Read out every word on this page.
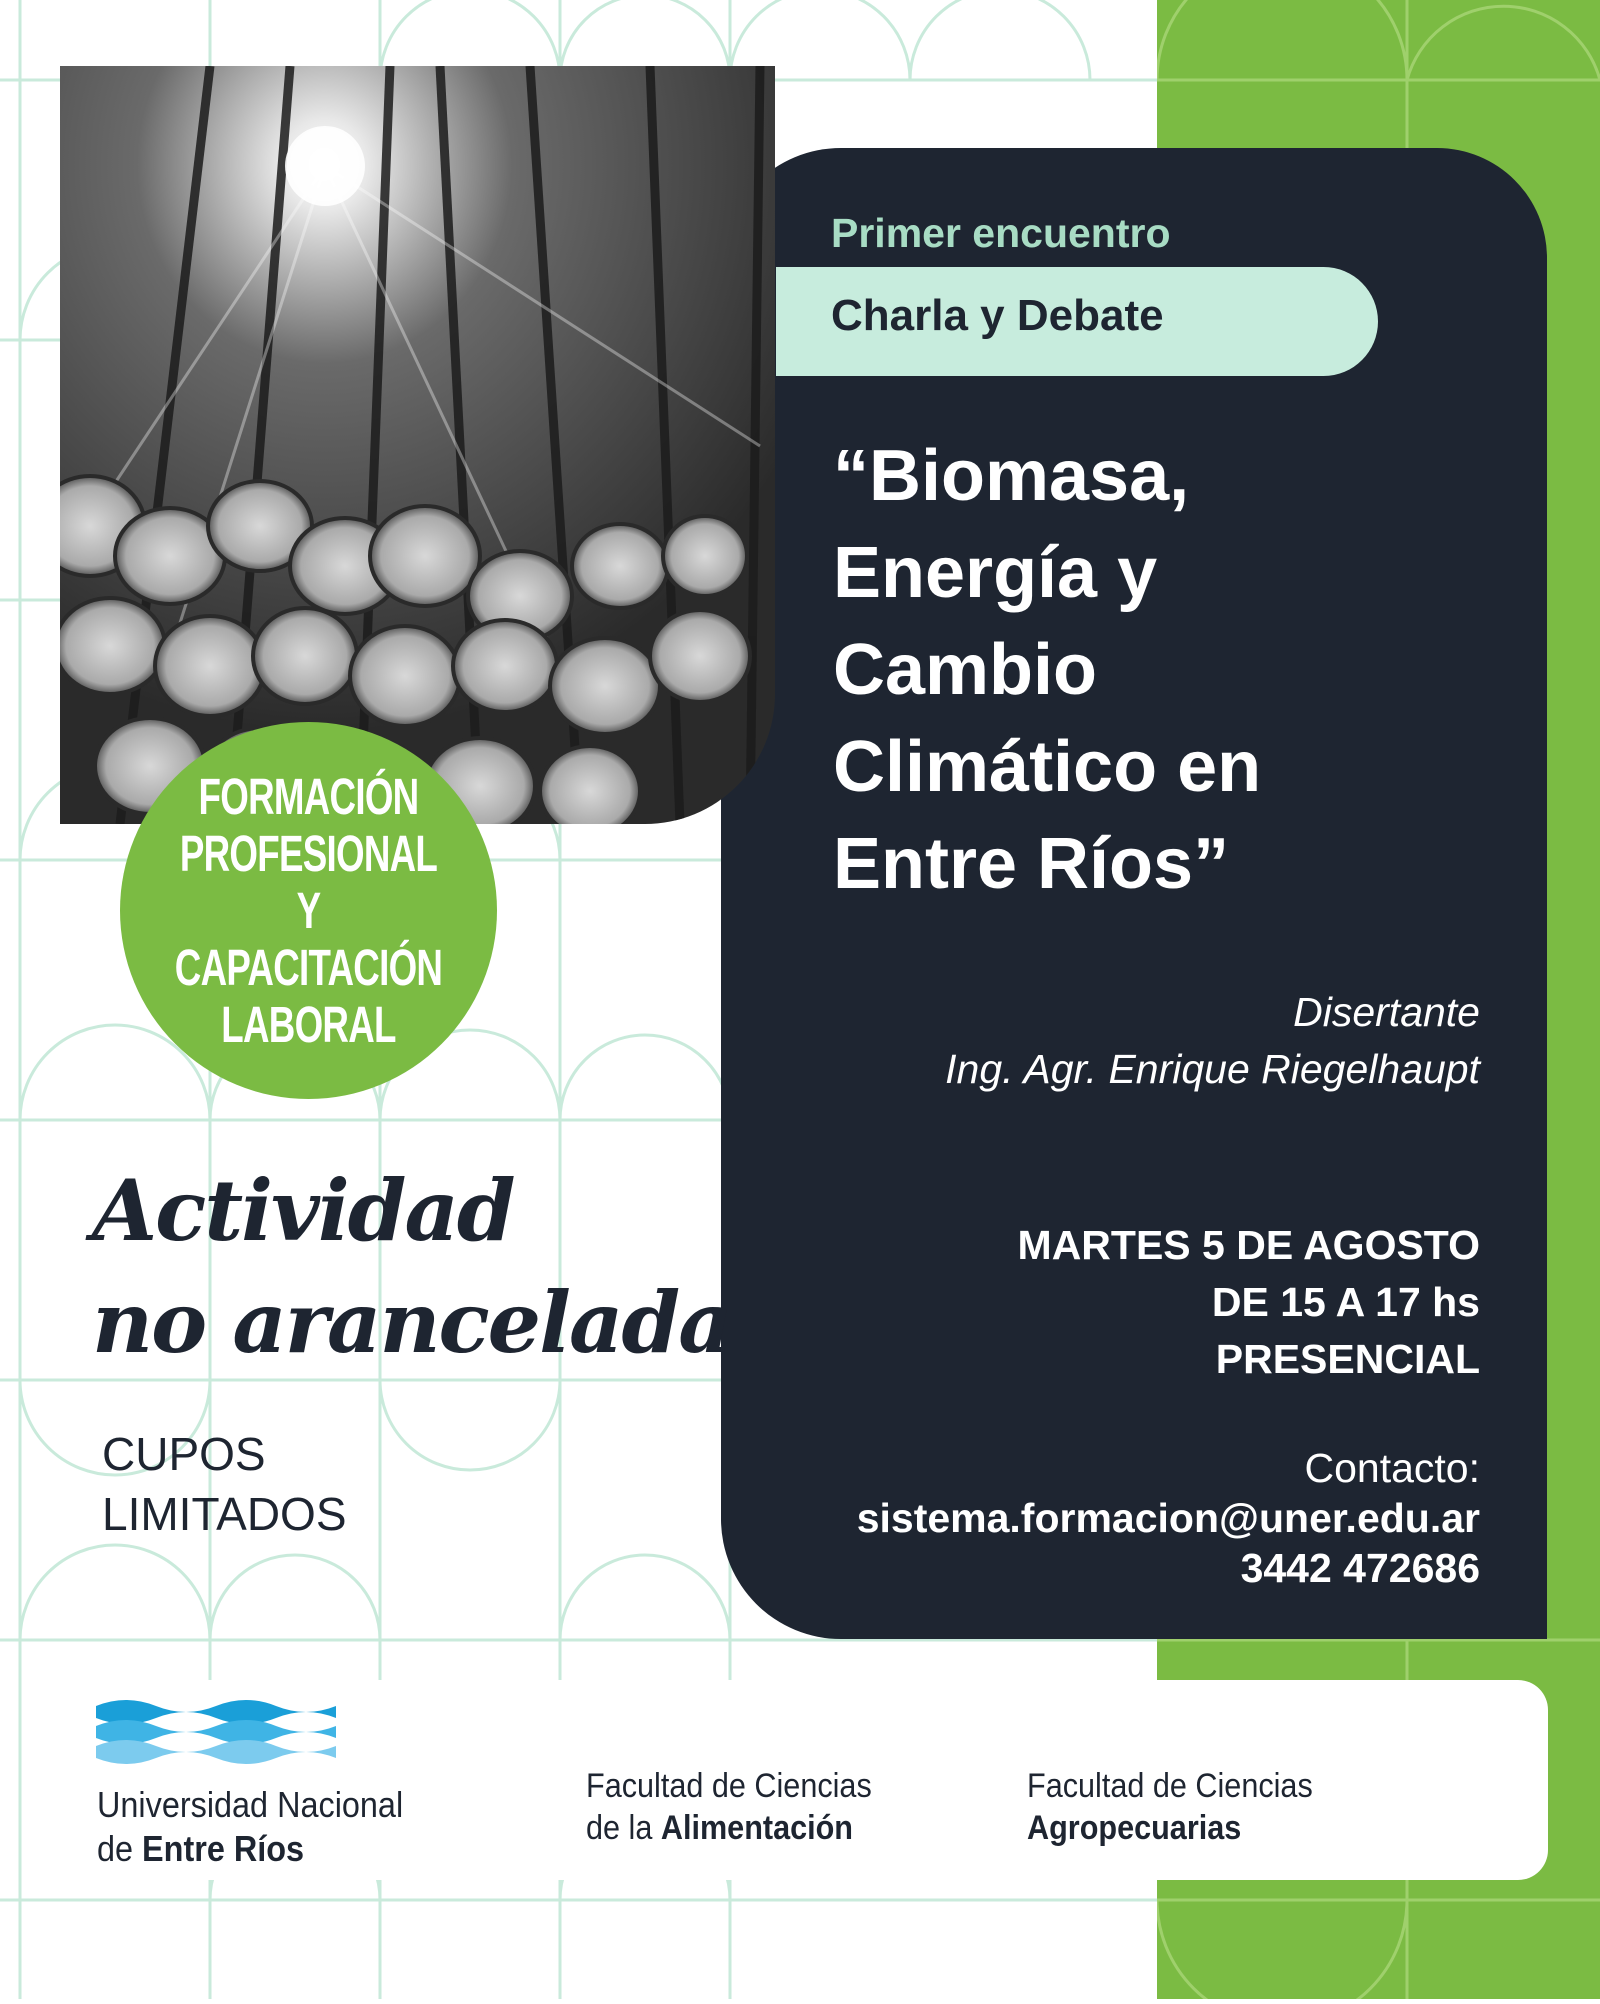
FORMACIÓN PROFESIONAL Y CAPACITACIÓN LABORAL
Primer encuentro
Charla y Debate
“Biomasa, Energía y Cambio Climático en Entre Ríos”
Disertante
Ing. Agr. Enrique Riegelhaupt
MARTES 5 DE AGOSTO
DE 15 A 17 hs
PRESENCIAL
Contacto:
sistema.formacion@uner.edu.ar
3442 472686
Actividad
no arancelada
CUPOS
LIMITADOS
Universidad Nacional
de Entre Ríos
Facultad de Ciencias
de la Alimentación
Facultad de Ciencias
Agropecuarias
